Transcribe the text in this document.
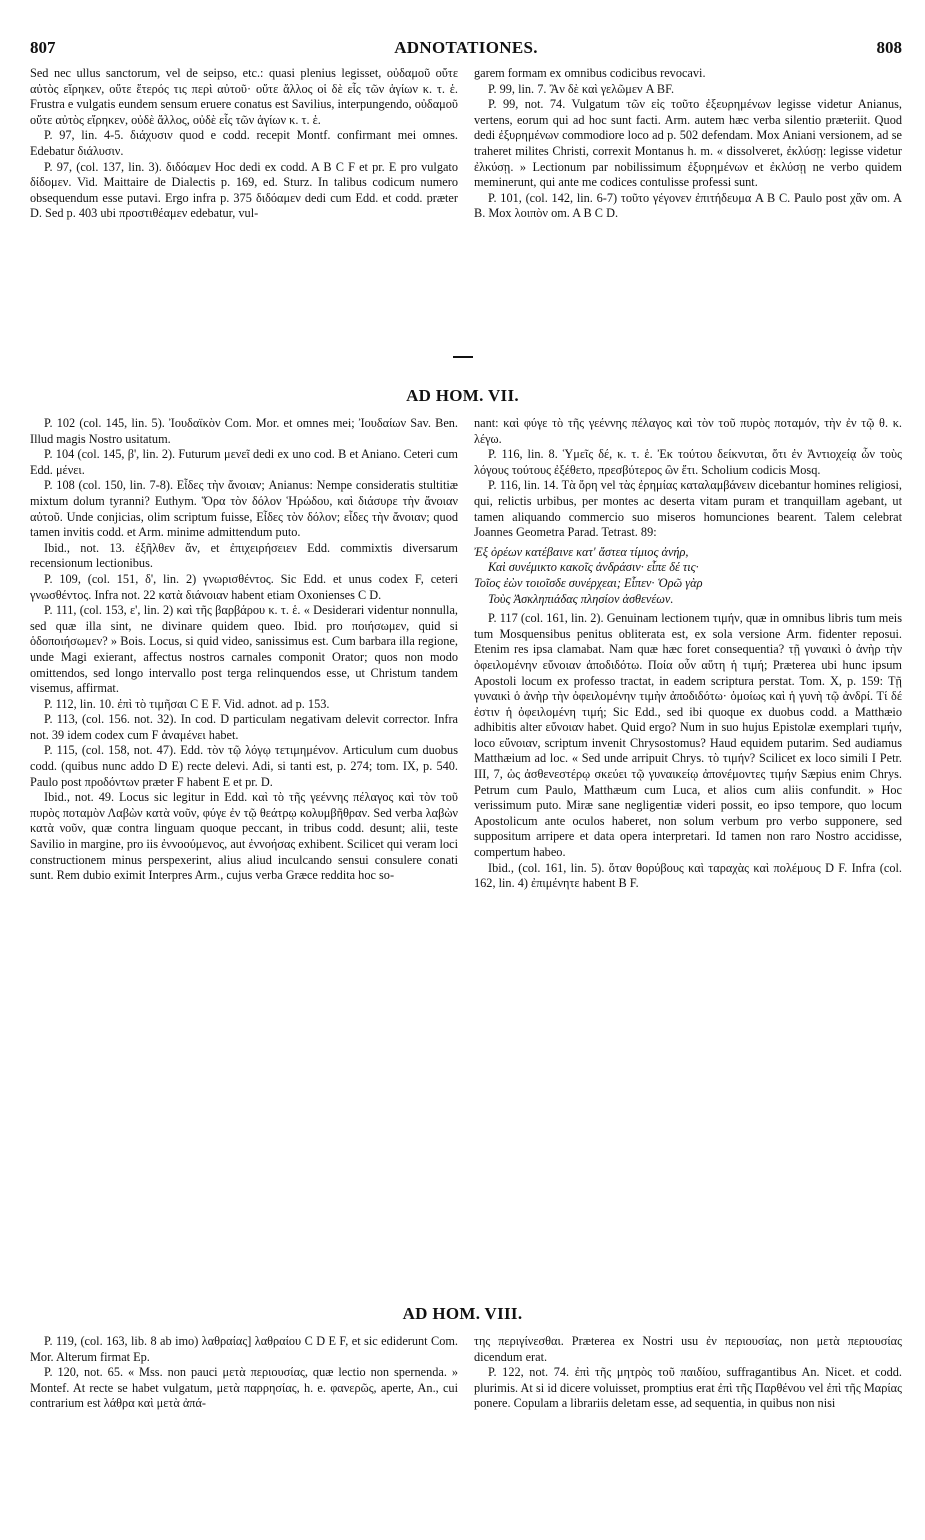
807	ADNOTATIONES.	808

Sed nec ullus sanctorum, vel de seipso, etc.: quasi plenius legisset, οὐδαμοῦ οὔτε αὐτὸς εἴρηκεν, οὔτε ἕτερός τις περὶ αὐτοῦ· οὔτε ἄλλος οἱ δὲ εἷς τῶν ἁγίων κ. τ. ἑ. Frustra e vulgatis eundem sensum eruere conatus est Savilius, interpungendo, οὐδαμοῦ οὔτε αὐτὸς εἴρηκεν, οὐδὲ ἄλλος, οὐδὲ εἷς τῶν ἁγίων κ. τ. ἑ.

P. 97, lin. 4-5. διάχυσιν quod e codd. recepit Montf. confirmant mei omnes. Edebatur διάλυσιν.

P. 97, (col. 137, lin. 3). διδόαμεν Hoc dedi ex codd. A B C F et pr. E pro vulgato δίδομεν. Vid. Maittaire de Dialectis p. 169, ed. Sturz. In talibus codicum numero obsequendum esse putavi. Ergo infra p. 375 διδόαμεν dedi cum Edd. et codd. præter D. Sed p. 403 ubi προστιθέαμεν edebatur, vul-

garem formam ex omnibus codicibus revocavi.

P. 99, lin. 7. Ἂν δὲ καὶ γελῶμεν A BF.

P. 99, not. 74. Vulgatum τῶν εἰς τοῦτο ἐξευρημένων legisse videtur Anianus, vertens, eorum qui ad hoc sunt facti. Arm. autem hæc verba silentio præteriit. Quod dedi ἐξυρημένων commodiore loco ad p. 502 defendam. Mox Aniani versionem, ad se traheret milites Christi, correxit Montanus h. m. « dissolveret, ἐκλύσῃ: legisse videtur ἐλκύσῃ. » Lectionum par nobilissimum ἐξυρημένων et ἐκλύσῃ ne verbo quidem meminerunt, qui ante me codices contulisse professi sunt.

P. 101, (col. 142, lin. 6-7) τοῦτο γέγονεν ἐπιτήδευμα A B C. Paulo post χἂν om. A B. Mox λοιπὸν om. A B C D.

AD HOM. VII.

P. 102 (col. 145, lin. 5). Ἰουδαϊκὸν Com. Mor. et omnes mei; Ἰουδαίων Sav. Ben. Illud magis Nostro usitatum.

P. 104 (col. 145, β', lin. 2). Futurum μενεῖ dedi ex uno cod. B et Aniano. Ceteri cum Edd. μένει.

P. 108 (col. 150, lin. 7-8). Εἶδες τὴν ἄνοιαν; Anianus: Nempe consideratis stultitiæ mixtum dolum tyranni? Euthym. Ὅρα τὸν δόλον Ἡρώδου, καὶ διάσυρε τὴν ἄνοιαν αὐτοῦ. Unde conjicias, olim scriptum fuisse, Εἶδες τὸν δόλον; εἶδες τὴν ἄνοιαν; quod tamen invitis codd. et Arm. minime admittendum puto.

Ibid., not. 13. ἐξῆλθεν ἄν, et ἐπιχειρήσειεν Edd. commixtis diversarum recensionum lectionibus.

P. 109, (col. 151, δ', lin. 2) γνωρισθέντος. Sic Edd. et unus codex F, ceteri γνωσθέντος. Infra not. 22 κατὰ διάνοιαν habent etiam Oxonienses C D.

P. 111, (col. 153, ε', lin. 2) καὶ τῆς βαρβάρου κ. τ. ἑ. « Desiderari videntur nonnulla, sed quæ illa sint, ne divinare quidem queo. Ibid. pro ποιήσωμεν, quid si ὁδοποιήσωμεν? » Bois. Locus, si quid video, sanissimus est. Cum barbara illa regione, unde Magi exierant, affectus nostros carnales componit Orator; quos non modo omittendos, sed longo intervallo post terga relinquendos esse, ut Christum tandem visemus, affirmat.

P. 112, lin. 10. ἐπὶ τὸ τιμῆσαι C E F. Vid. adnot. ad p. 153.

P. 113, (col. 156. not. 32). In cod. D particulam negativam delevit corrector. Infra not. 39 idem codex cum F ἀναμένει habet.

P. 115, (col. 158, not. 47). Edd. τὸν τῷ λόγῳ τετιμημένον. Articulum cum duobus codd. (quibus nunc addo D E) recte delevi. Adi, si tanti est, p. 274; tom. IX, p. 540. Paulo post προδόντων præter F habent E et pr. D.

Ibid., not. 49. Locus sic legitur in Edd. καὶ τὸ τῆς γεέννης πέλαγος καὶ τὸν τοῦ πυρὸς ποταμὸν Λαβὼν κατὰ νοῦν, φύγε ἐν τῷ θεάτρῳ κολυμβῆθραν. Sed verba λαβὼν κατὰ νοῦν, quæ contra linguam quoque peccant, in tribus codd. desunt; alii, teste Savilio in margine, pro iis ἐννοούμενος, aut ἐννοήσας exhibent. Scilicet qui veram loci constructionem minus perspexerint, alius aliud inculcando sensui consulere conati sunt. Rem dubio eximit Interpres Arm., cujus verba Græce reddita hoc so-

nant: καὶ φύγε τὸ τῆς γεέννης πέλαγος καὶ τὸν τοῦ πυρὸς ποταμόν, τὴν ἐν τῷ θ. κ. λέγω.

P. 116, lin. 8. Ὑμεῖς δέ, κ. τ. ἑ. Ἐκ τούτου δείκνυται, ὅτι ἐν Ἀντιοχείᾳ ὧν τοὺς λόγους τούτους ἐξέθετο, πρεσβύτερος ὢν ἔτι. Scholium codicis Mosq.

P. 116, lin. 14. Τὰ ὄρη vel τὰς ἐρημίας καταλαμβάνειν dicebantur homines religiosi, qui, relictis urbibus, per montes ac deserta vitam puram et tranquillam agebant, ut tamen aliquando commercio suo miseros homunciones bearent. Talem celebrat Joannes Geometra Parad. Tetrast. 89:

Ἐξ ὀρέων κατέβαινε κατ' ἄστεα τίμιος ἀνήρ,
Καὶ συνέμικτο κακοῖς ἀνδράσιν· εἶπε δέ τις·
Τοῖος ἐὼν τοιοῖσδε συνέρχεαι; Εἶπεν· Ὁρῶ γὰρ
Τοὺς Ἀσκληπιάδας πλησίον ἀσθενέων.

P. 117 (col. 161, lin. 2). Genuinam lectionem τιμήν, quæ in omnibus libris tum meis tum Mosquensibus penitus obliterata est, ex sola versione Arm. fidenter reposui. Etenim res ipsa clamabat. Nam quæ hæc foret consequentia? τῇ γυναικὶ ὁ ἀνὴρ τὴν ὀφειλομένην εὔνοιαν ἀποδιδότω. Ποία οὖν αὕτη ἡ τιμή; Præterea ubi hunc ipsum Apostoli locum ex professo tractat, in eadem scriptura perstat. Tom. X, p. 159: Τῇ γυναικὶ ὁ ἀνὴρ τὴν ὀφειλομένην τιμὴν ἀποδιδότω· ὁμοίως καὶ ἡ γυνὴ τῷ ἀνδρί. Τί δέ ἐστιν ἡ ὀφειλομένη τιμή; Sic Edd., sed ibi quoque ex duobus codd. a Matthæio adhibitis alter εὔνοιαν habet. Quid ergo? Num in suo hujus Epistolæ exemplari τιμήν, loco εὔνοιαν, scriptum invenit Chrysostomus? Haud equidem putarim. Sed audiamus Matthæium ad loc. « Sed unde arripuit Chrys. τὸ τιμήν? Scilicet ex loco simili I Petr. III, 7, ὡς ἀσθενεστέρῳ σκεύει τῷ γυναικείῳ ἀπονέμοντες τιμήν Sæpius enim Chrys. Petrum cum Paulo, Matthæum cum Luca, et alios cum aliis confundit. » Hoc verissimum puto. Miræ sane negligentiæ videri possit, eo ipso tempore, quo locum Apostolicum ante oculos haberet, non solum verbum pro verbo supponere, sed suppositum arripere et data opera interpretari. Id tamen non raro Nostro accidisse, compertum habeo.

Ibid., (col. 161, lin. 5). ὅταν θορύβους καὶ ταραχὰς καὶ πολέμους D F. Infra (col. 162, lin. 4) ἐπιμένητε habent B F.

AD HOM. VIII.

P. 119, (col. 163, lib. 8 ab imo) λαθραίας] λαθραίου C D E F, et sic ediderunt Com. Mor. Alterum firmat Ep.

P. 120, not. 65. « Mss. non pauci μετὰ περιουσίας, quæ lectio non spernenda. » Montef. At recte se habet vulgatum, μετὰ παρρησίας, h. e. φανερῶς, aperte, An., cui contrarium est λάθρα καὶ μετὰ ἀπά-

της περιγίνεσθαι. Præterea ex Nostri usu ἐν περιουσίας, non μετὰ περιουσίας dicendum erat.

P. 122, not. 74. ἐπὶ τῆς μητρὸς τοῦ παιδίου, suffragantibus An. Nicet. et codd. plurimis. At si id dicere voluisset, promptius erat ἐπὶ τῆς Παρθένου vel ἐπὶ τῆς Μαρίας ponere. Copulam a librariis deletam esse, ad sequentia, in quibus non nisi
